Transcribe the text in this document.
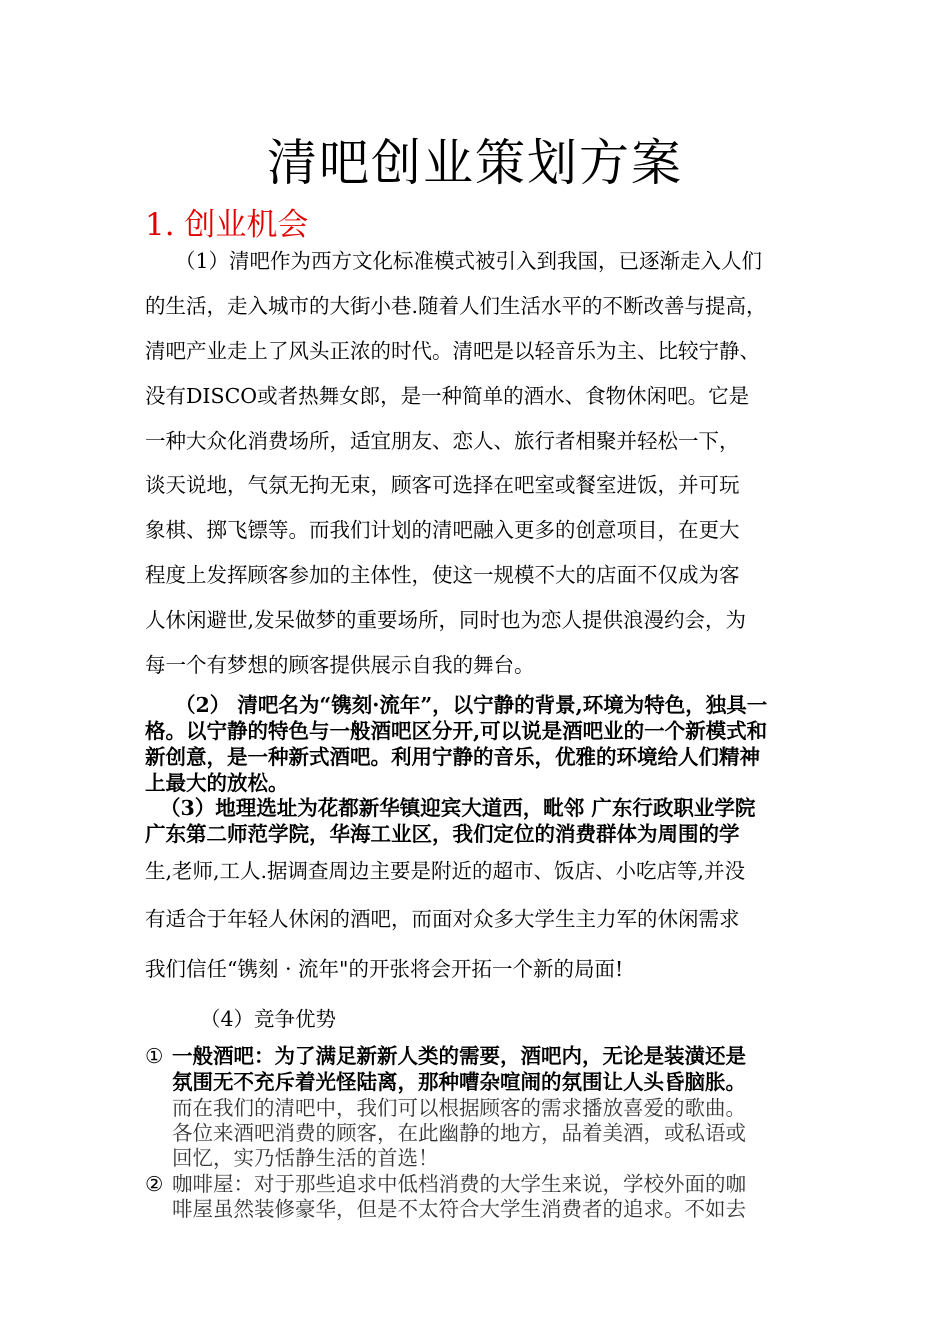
清吧创业策划方案
1. 创业机会
（1）清吧作为西方文化标准模式被引入到我国，已逐渐走入人们
的生活，走入城市的大街小巷.随着人们生活水平的不断改善与提高，
清吧产业走上了风头正浓的时代。清吧是以轻音乐为主、比较宁静、
没有DISCO或者热舞女郎，是一种简单的酒水、食物休闲吧。它是
一种大众化消费场所，适宜朋友、恋人、旅行者相聚并轻松一下，
谈天说地，气氛无拘无束，顾客可选择在吧室或餐室进饭，并可玩
象棋、掷飞镖等。而我们计划的清吧融入更多的创意项目，在更大
程度上发挥顾客参加的主体性，使这一规模不大的店面不仅成为客
人休闲避世,发呆做梦的重要场所，同时也为恋人提供浪漫约会，为
每一个有梦想的顾客提供展示自我的舞台。
（2） 清吧名为“镌刻·流年”，以宁静的背景,环境为特色，独具一
格。以宁静的特色与一般酒吧区分开,可以说是酒吧业的一个新模式和
新创意，是一种新式酒吧。利用宁静的音乐，优雅的环境给人们精神
上最大的放松。
（3）地理选址为花都新华镇迎宾大道西，毗邻 广东行政职业学院
广东第二师范学院，华海工业区，我们定位的消费群体为周围的学
生,老师,工人.据调查周边主要是附近的超市、饭店、小吃店等,并没
有适合于年轻人休闲的酒吧，而面对众多大学生主力军的休闲需求
我们信任“镌刻 · 流年"的开张将会开拓一个新的局面!
（4）竞争优势
① 一般酒吧：为了满足新新人类的需要，酒吧内，无论是装潢还是
氛围无不充斥着光怪陆离，那种嘈杂喧闹的氛围让人头昏脑胀。
而在我们的清吧中，我们可以根据顾客的需求播放喜爱的歌曲。
各位来酒吧消费的顾客，在此幽静的地方，品着美酒，或私语或
回忆，实乃恬静生活的首选！
② 咖啡屋：对于那些追求中低档消费的大学生来说，学校外面的咖
啡屋虽然装修豪华，但是不太符合大学生消费者的追求。不如去
